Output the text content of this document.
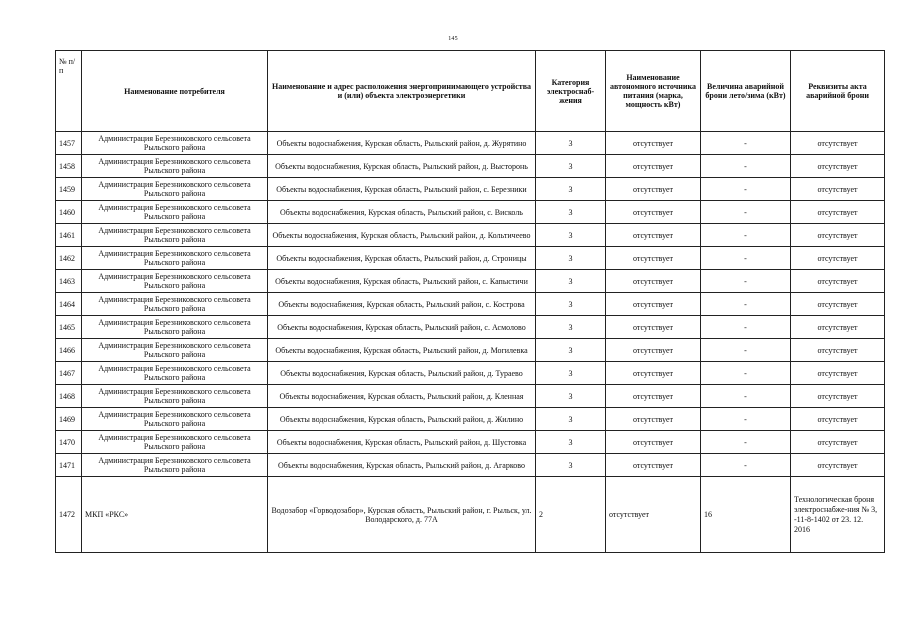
145
№ п/п	Наименование потребителя	Наименование и адрес расположения энергопринимающего устройства и (или) объекта электроэнергетики	Категория электроснаб-жения	Наименование автономного источника питания (марка, мощность кВт)	Величина аварийной брони лето/зима (кВт)	Реквизиты акта аварийной брони
1457	Администрация Березниковского сельсовета Рыльского района	Объекты водоснабжения, Курская область, Рыльский район, д. Журятино	3	отсутствует	-	отсутствует
1458	Администрация Березниковского сельсовета Рыльского района	Объекты водоснабжения, Курская область, Рыльский район, д. Высторонь	3	отсутствует	-	отсутствует
1459	Администрация Березниковского сельсовета Рыльского района	Объекты водоснабжения, Курская область, Рыльский район, с. Березники	3	отсутствует	-	отсутствует
1460	Администрация Березниковского сельсовета Рыльского района	Объекты водоснабжения, Курская область, Рыльский район, с. Висколь	3	отсутствует	-	отсутствует
1461	Администрация Березниковского сельсовета Рыльского района	Объекты водоснабжения, Курская область, Рыльский район, д. Кольтичеево	3	отсутствует	-	отсутствует
1462	Администрация Березниковского сельсовета Рыльского района	Объекты водоснабжения, Курская область, Рыльский район, д. Строницы	3	отсутствует	-	отсутствует
1463	Администрация Березниковского сельсовета Рыльского района	Объекты водоснабжения, Курская область, Рыльский район, с. Капыстичи	3	отсутствует	-	отсутствует
1464	Администрация Березниковского сельсовета Рыльского района	Объекты водоснабжения, Курская область, Рыльский район, с. Кострова	3	отсутствует	-	отсутствует
1465	Администрация Березниковского сельсовета Рыльского района	Объекты водоснабжения, Курская область, Рыльский район, с. Асмолово	3	отсутствует	-	отсутствует
1466	Администрация Березниковского сельсовета Рыльского района	Объекты водоснабжения, Курская область, Рыльский район, д. Могилевка	3	отсутствует	-	отсутствует
1467	Администрация Березниковского сельсовета Рыльского района	Объекты водоснабжения, Курская область, Рыльский район, д. Тураево	3	отсутствует	-	отсутствует
1468	Администрация Березниковского сельсовета Рыльского района	Объекты водоснабжения, Курская область, Рыльский район, д. Кленная	3	отсутствует	-	отсутствует
1469	Администрация Березниковского сельсовета Рыльского района	Объекты водоснабжения, Курская область, Рыльский район, д. Жилино	3	отсутствует	-	отсутствует
1470	Администрация Березниковского сельсовета Рыльского района	Объекты водоснабжения, Курская область, Рыльский район, д. Шустовка	3	отсутствует	-	отсутствует
1471	Администрация Березниковского сельсовета Рыльского района	Объекты водоснабжения, Курская область, Рыльский район, д. Агарково	3	отсутствует	-	отсутствует
1472	МКП «РКС»	Водозабор «Горводозабор», Курская область, Рыльский район, г. Рыльск, ул. Володарского, д. 77А	2	отсутствует	16	Технологическая броня электроснабже-ния № 3, -11-8-1402 от 23. 12. 2016
